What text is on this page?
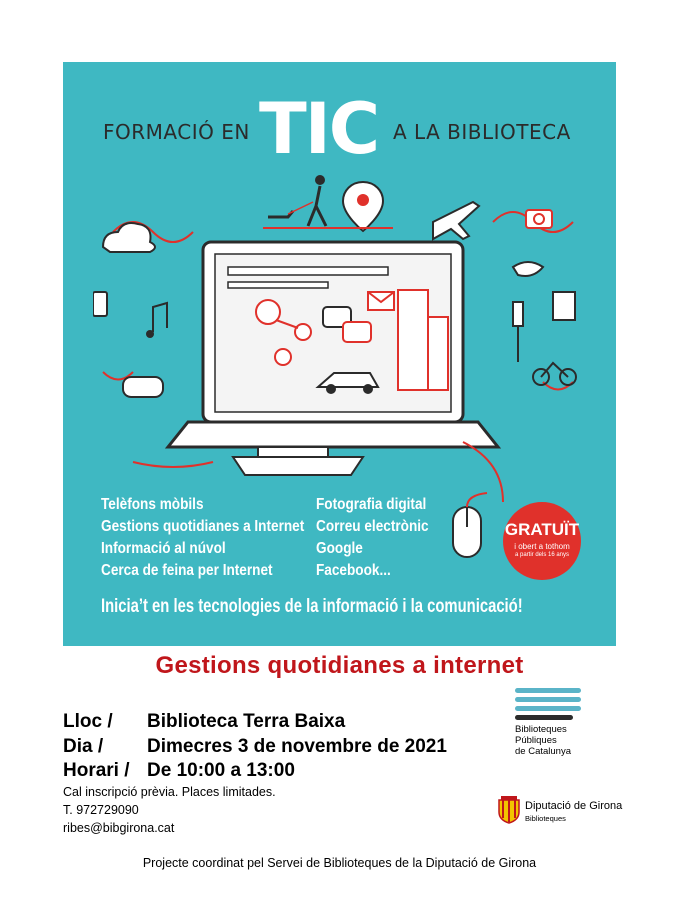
FORMACIÓ EN TIC A LA BIBLIOTECA
Telèfons mòbils
Gestions quotidianes a Internet
Informació al núvol
Cerca de feina per Internet
Fotografia digital
Correu electrònic
Google
Facebook...
GRATUÏT
i obert a tothom
a partir dels 16 anys
Inicia’t en les tecnologies de la informació i la comunicació!
Gestions quotidianes a internet
Lloc / Biblioteca Terra Baixa
Dia / Dimecres 3 de novembre de 2021
Horari / De 10:00 a 13:00
Cal inscripció prèvia. Places limitades.
T. 972729090
ribes@bibgirona.cat
Biblioteques
Públiques
de Catalunya
Diputació de Girona
Biblioteques
Projecte coordinat pel Servei de Biblioteques de la Diputació de Girona
